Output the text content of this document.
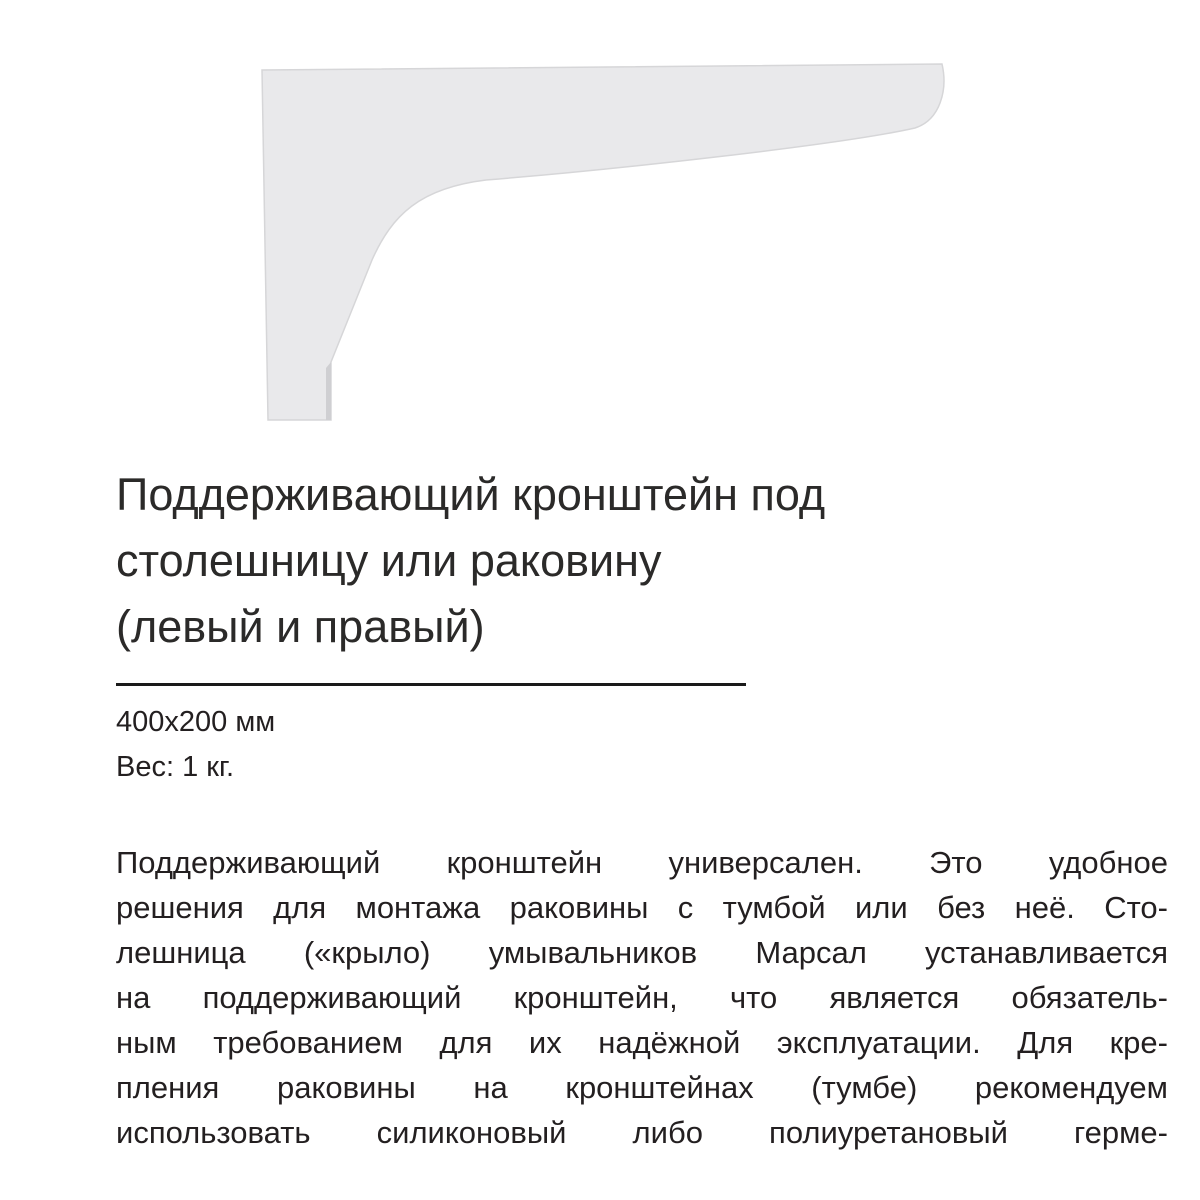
Поддерживающий кронштейн под
столешницу или раковину
(левый и правый)
400x200 мм
Вес: 1 кг.
Поддерживающий кронштейн универсален. Это удобное
решения для монтажа раковины с тумбой или без неё. Сто-
лешница («крыло) умывальников Марсал устанавливается
на поддерживающий кронштейн, что является обязатель-
ным требованием для их надёжной эксплуатации. Для кре-
пления раковины на кронштейнах (тумбе) рекомендуем
использовать силиконовый либо полиуретановый герме-
